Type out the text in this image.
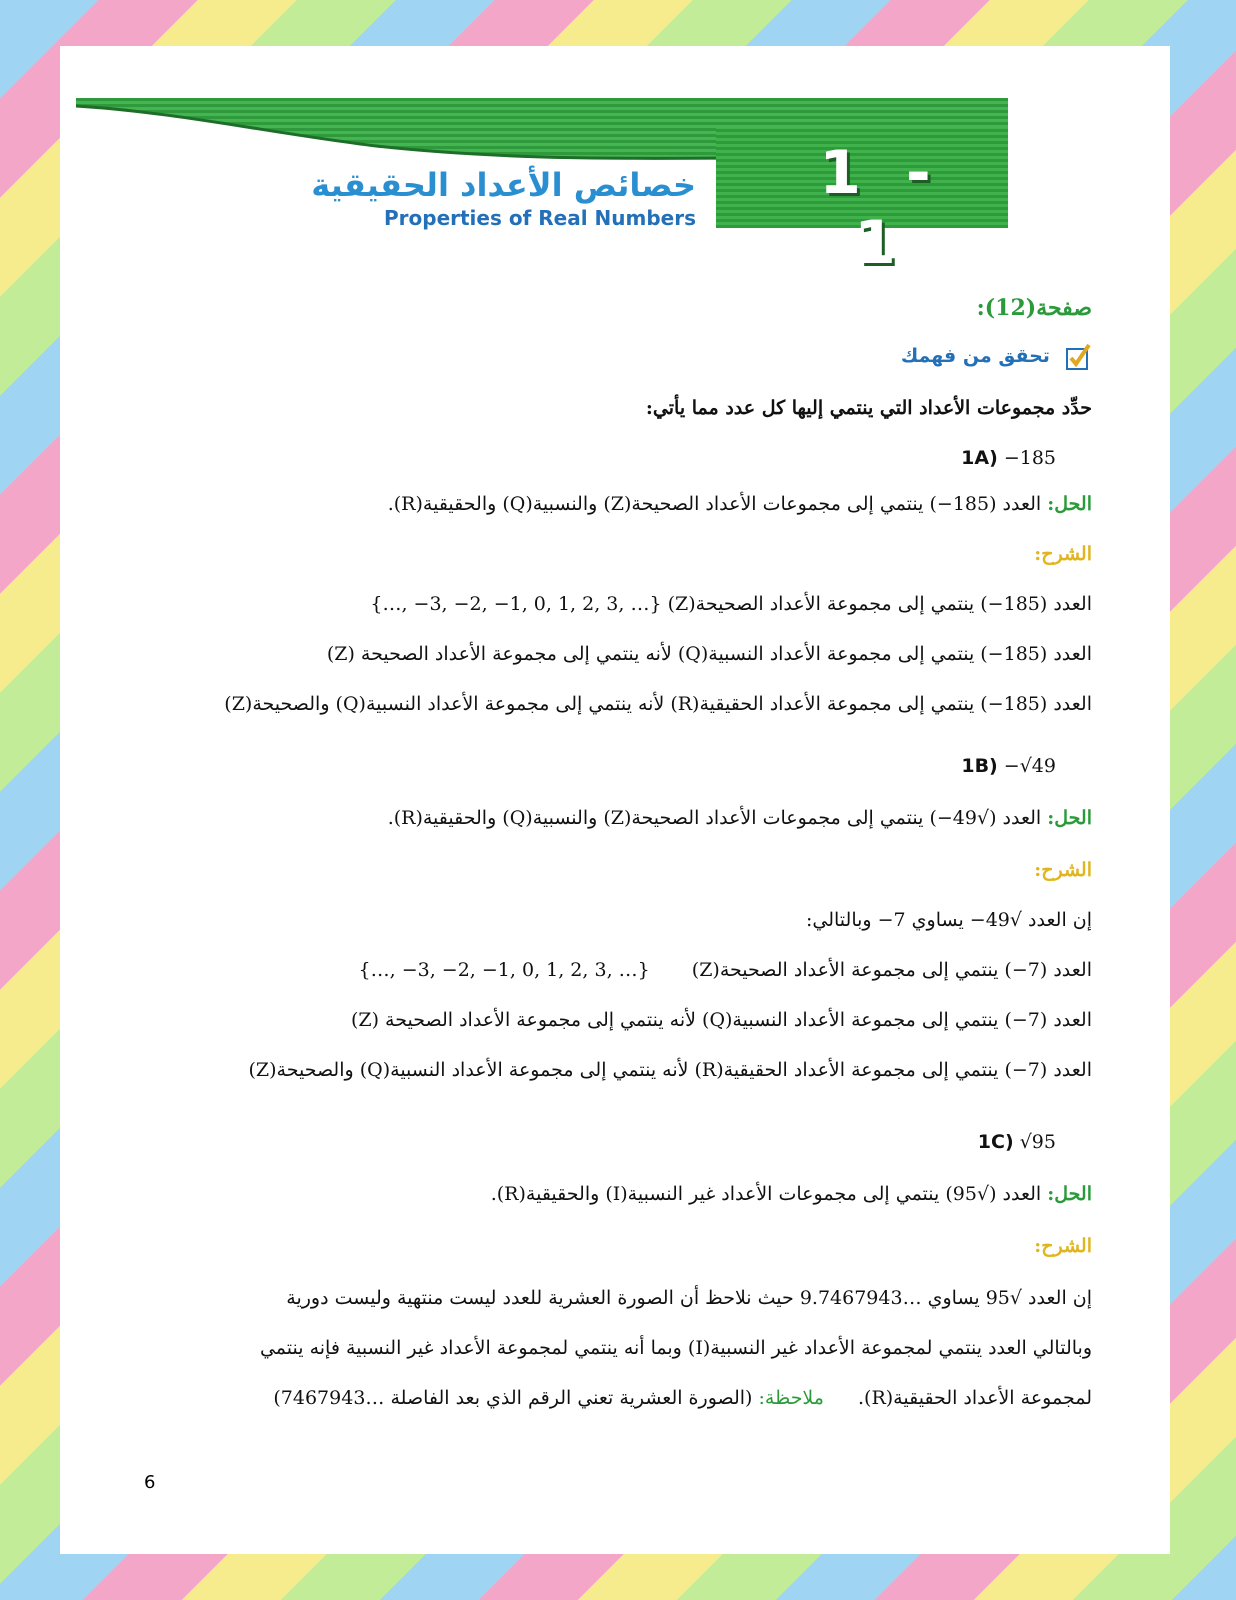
1 - 1
خصائص الأعداد الحقيقية
Properties of Real Numbers
صفحة(12):
تحقق من فهمك
حدِّد مجموعات الأعداد التي ينتمي إليها كل عدد مما يأتي:
1A) −185
الحل: العدد (185−) ينتمي إلى مجموعات الأعداد الصحيحة(Z) والنسبية(Q) والحقيقية(R).
الشرح:
العدد (185−) ينتمي إلى مجموعة الأعداد الصحيحة(Z) {…, −3, −2, −1, 0, 1, 2, 3, …}
العدد (185−) ينتمي إلى مجموعة الأعداد النسبية(Q) لأنه ينتمي إلى مجموعة الأعداد الصحيحة (Z)
العدد (185−) ينتمي إلى مجموعة الأعداد الحقيقية(R) لأنه ينتمي إلى مجموعة الأعداد النسبية(Q) والصحيحة(Z)
1B) −√49
الحل: العدد (√49−) ينتمي إلى مجموعات الأعداد الصحيحة(Z) والنسبية(Q) والحقيقية(R).
الشرح:
إن العدد √49− يساوي 7− وبالتالي:
العدد (7−) ينتمي إلى مجموعة الأعداد الصحيحة(Z) {…, −3, −2, −1, 0, 1, 2, 3, …}
العدد (7−) ينتمي إلى مجموعة الأعداد النسبية(Q) لأنه ينتمي إلى مجموعة الأعداد الصحيحة (Z)
العدد (7−) ينتمي إلى مجموعة الأعداد الحقيقية(R) لأنه ينتمي إلى مجموعة الأعداد النسبية(Q) والصحيحة(Z)
1C) √95
الحل: العدد (√95) ينتمي إلى مجموعات الأعداد غير النسبية(I) والحقيقية(R).
الشرح:
إن العدد √95 يساوي …9.7467943 حيث نلاحظ أن الصورة العشرية للعدد ليست منتهية وليست دورية
وبالتالي العدد ينتمي لمجموعة الأعداد غير النسبية(I) وبما أنه ينتمي لمجموعة الأعداد غير النسبية فإنه ينتمي
لمجموعة الأعداد الحقيقية(R). ملاحظة: (الصورة العشرية تعني الرقم الذي بعد الفاصلة …7467943)
6
